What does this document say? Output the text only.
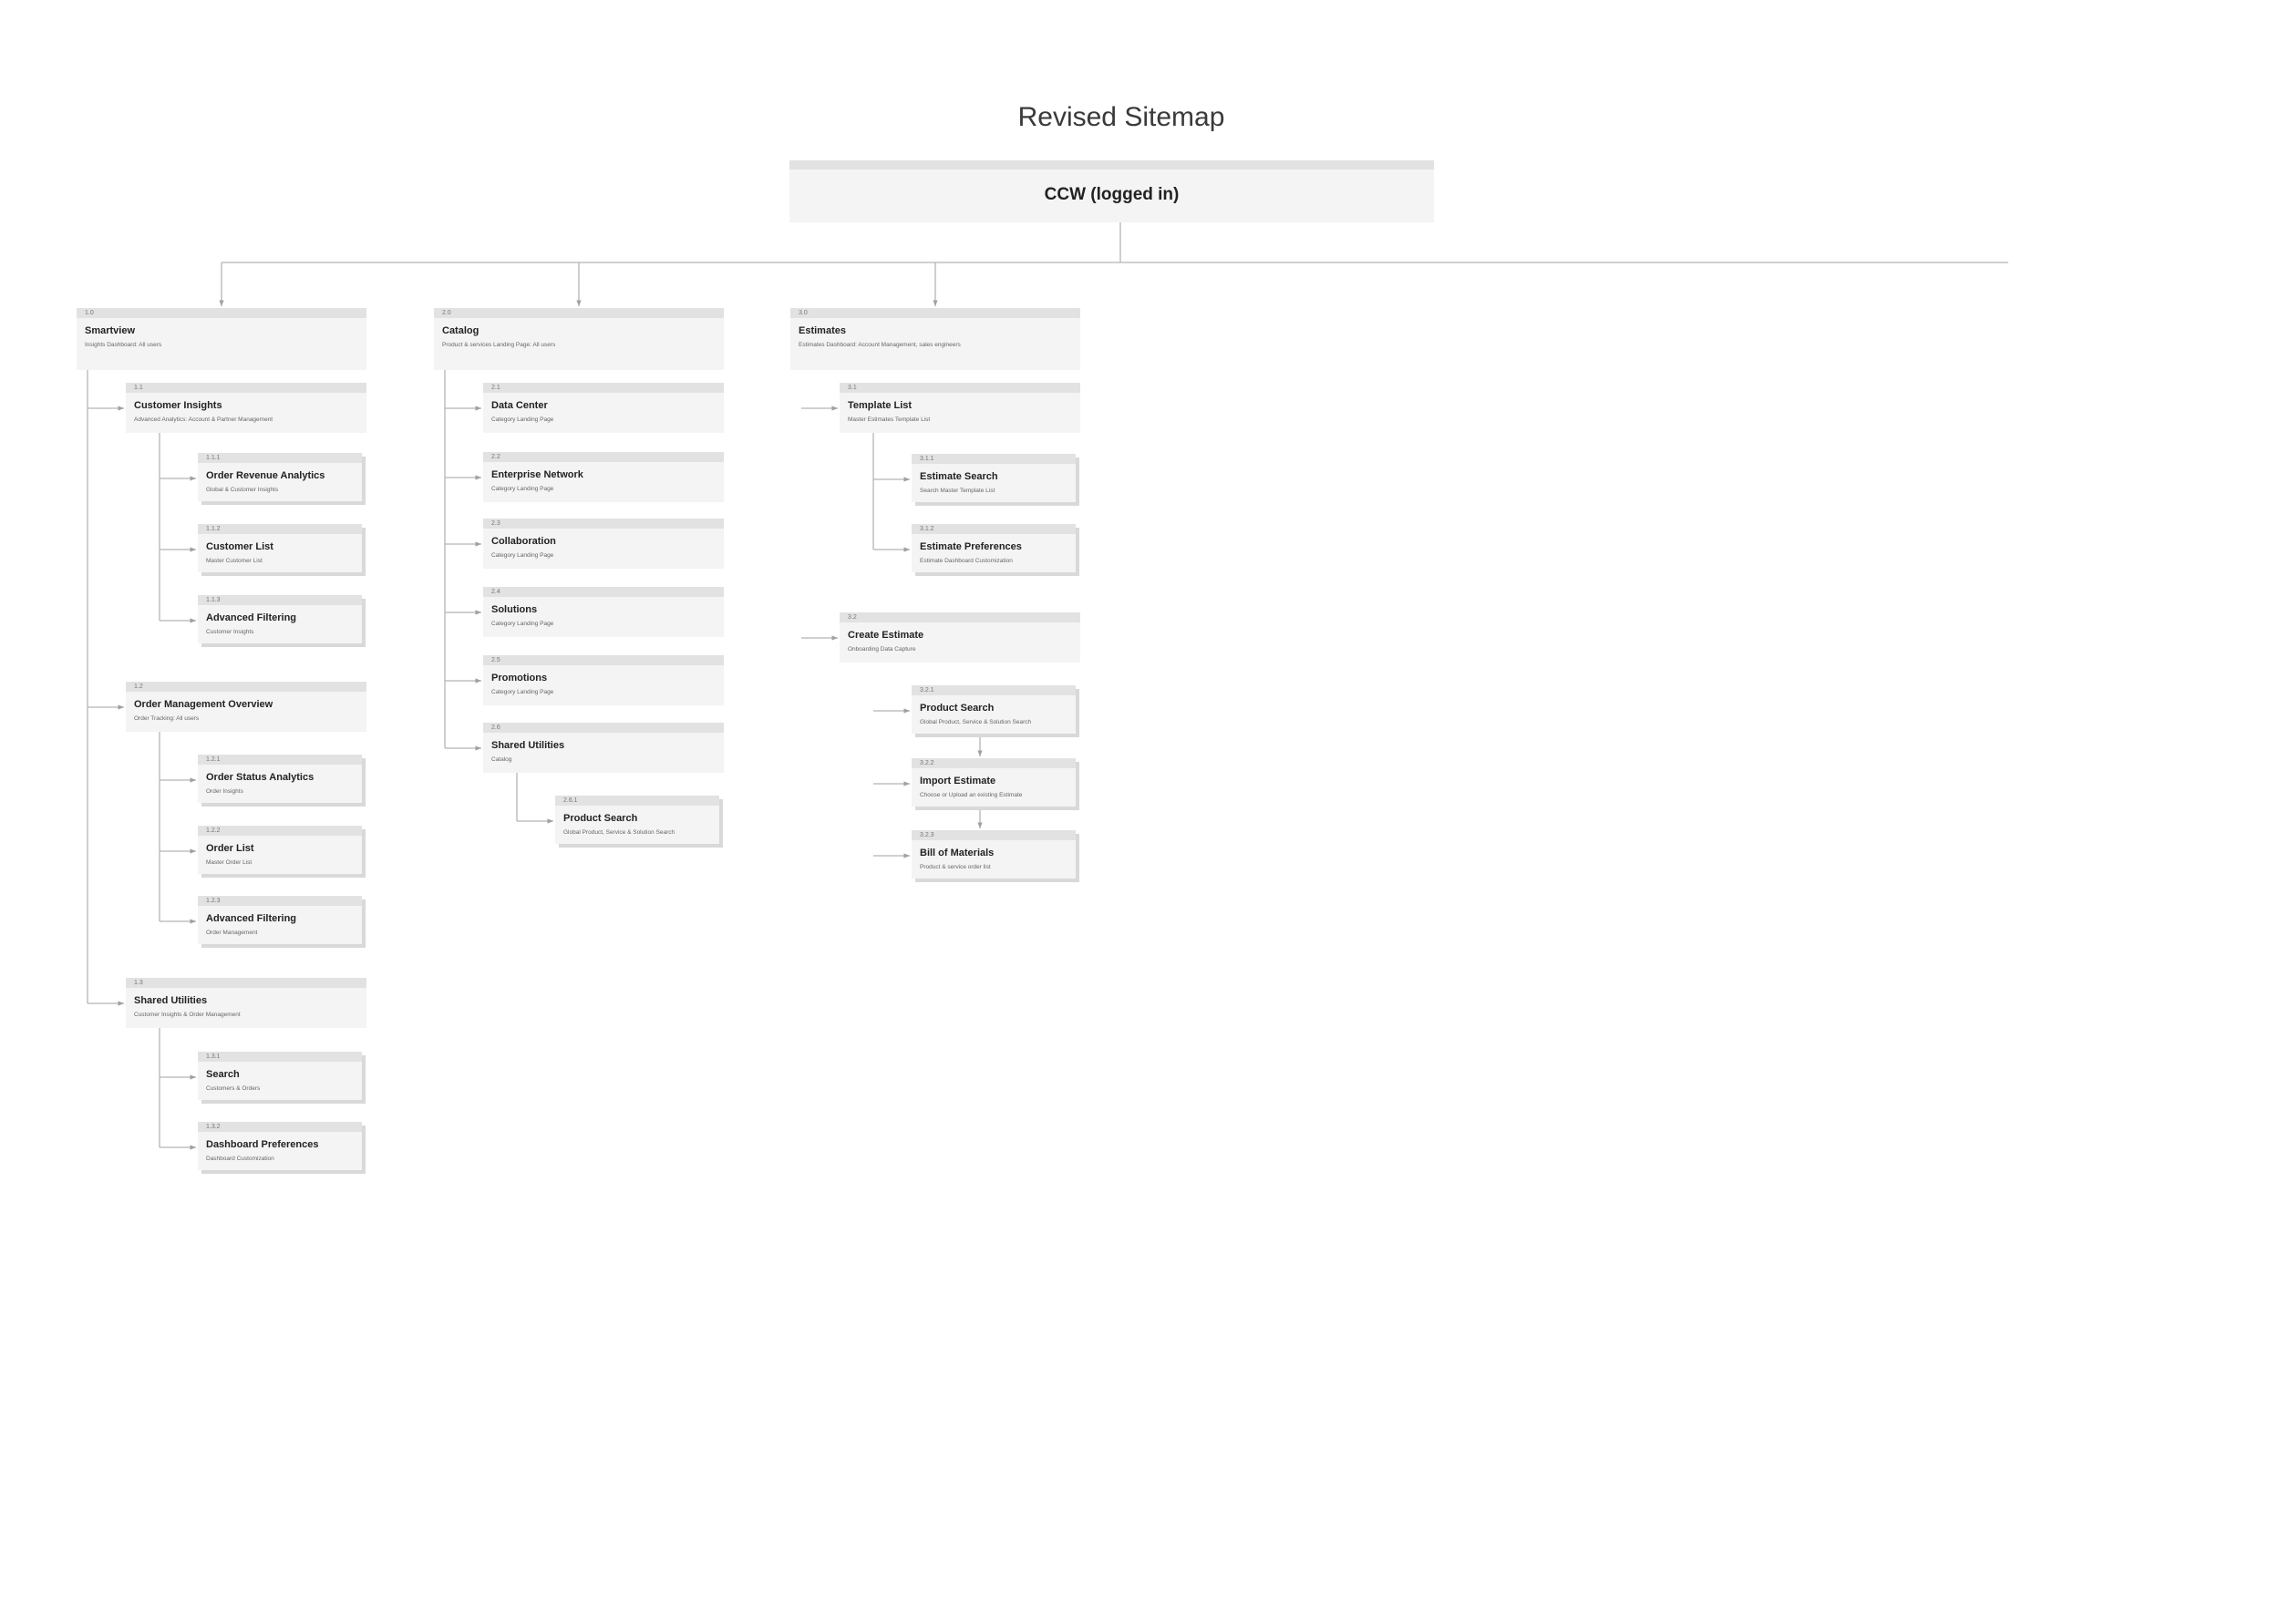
Revised Sitemap
CCW (logged in)
1.0
Smartview
Insights Dashboard: All users
1.1
Customer Insights
Advanced Analytics: Account & Partner Management
1.1.1
Order Revenue Analytics
Global & Customer Insights
1.1.2
Customer List
Master Customer List
1.1.3
Advanced Filtering
Customer Insights
1.2
Order Management Overview
Order Tracking: All users
1.2.1
Order Status Analytics
Order Insights
1.2.2
Order List
Master Order List
1.2.3
Advanced Filtering
Order Management
1.3
Shared Utilities
Customer Insights & Order Management
1.3.1
Search
Customers & Orders
1.3.2
Dashboard Preferences
Dashboard Customization
2.0
Catalog
Product & services Landing Page: All users
2.1
Data Center
Category Landing Page
2.2
Enterprise Network
Category Landing Page
2.3
Collaboration
Category Landing Page
2.4
Solutions
Category Landing Page
2.5
Promotions
Category Landing Page
2.6
Shared Utilities
Catalog
2.6.1
Product Search
Global Product, Service & Solution Search
3.0
Estimates
Estimates Dashboard: Account Management, sales engineers
3.1
Template List
Master Estimates Template List
3.1.1
Estimate Search
Search Master Template List
3.1.2
Estimate Preferences
Estimate Dashboard Customization
3.2
Create Estimate
Onboarding Data Capture
3.2.1
Product Search
Global Product, Service & Solution Search
3.2.2
Import Estimate
Choose or Upload an existing Estimate
3.2.3
Bill of Materials
Product & service order list
